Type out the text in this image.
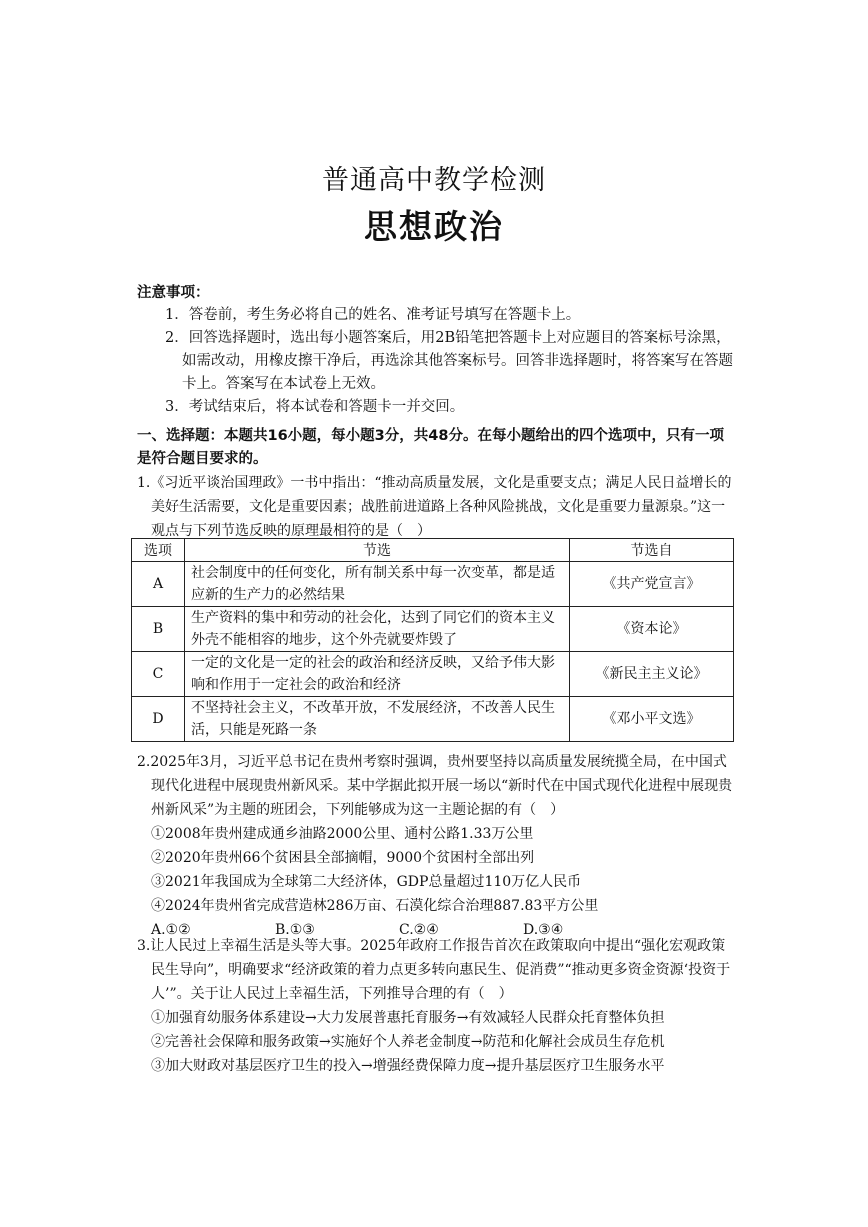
普通高中教学检测
思想政治
注意事项：
1．答卷前，考生务必将自己的姓名、准考证号填写在答题卡上。
2．回答选择题时，选出每小题答案后，用2B铅笔把答题卡上对应题目的答案标号涂黑，如需改动，用橡皮擦干净后，再选涂其他答案标号。回答非选择题时，将答案写在答题卡上。答案写在本试卷上无效。
3．考试结束后，将本试卷和答题卡一并交回。
一、选择题：本题共16小题，每小题3分，共48分。在每小题给出的四个选项中，只有一项是符合题目要求的。

1.《习近平谈治国理政》一书中指出：“推动高质量发展，文化是重要支点；满足人民日益增长的美好生活需要，文化是重要因素；战胜前进道路上各种风险挑战，文化是重要力量源泉。”这一观点与下列节选反映的原理最相符的是（　）

选项	节选	节选自
A	社会制度中的任何变化，所有制关系中每一次变革，都是适应新的生产力的必然结果	《共产党宣言》
B	生产资料的集中和劳动的社会化，达到了同它们的资本主义外壳不能相容的地步，这个外壳就要炸毁了	《资本论》
C	一定的文化是一定的社会的政治和经济反映，又给予伟大影响和作用于一定社会的政治和经济	《新民主主义论》
D	不坚持社会主义，不改革开放，不发展经济，不改善人民生活，只能是死路一条	《邓小平文选》

2.2025年3月，习近平总书记在贵州考察时强调，贵州要坚持以高质量发展统揽全局，在中国式现代化进程中展现贵州新风采。某中学据此拟开展一场以“新时代在中国式现代化进程中展现贵州新风采”为主题的班团会，下列能够成为这一主题论据的有（　）

①2008年贵州建成通乡油路2000公里、通村公路1.33万公里

②2020年贵州66个贫困县全部摘帽，9000个贫困村全部出列

③2021年我国成为全球第二大经济体，GDP总量超过110万亿人民币

④2024年贵州省完成营造林286万亩、石漠化综合治理887.83平方公里

A.①②	B.①③	C.②④	D.③④

3.让人民过上幸福生活是头等大事。2025年政府工作报告首次在政策取向中提出“强化宏观政策民生导向”，明确要求“经济政策的着力点更多转向惠民生、促消费”“推动更多资金资源‘投资于人’”。关于让人民过上幸福生活，下列推导合理的有（　）

①加强育幼服务体系建设→大力发展普惠托育服务→有效减轻人民群众托育整体负担

②完善社会保障和服务政策→实施好个人养老金制度→防范和化解社会成员生存危机

③加大财政对基层医疗卫生的投入→增强经费保障力度→提升基层医疗卫生服务水平
